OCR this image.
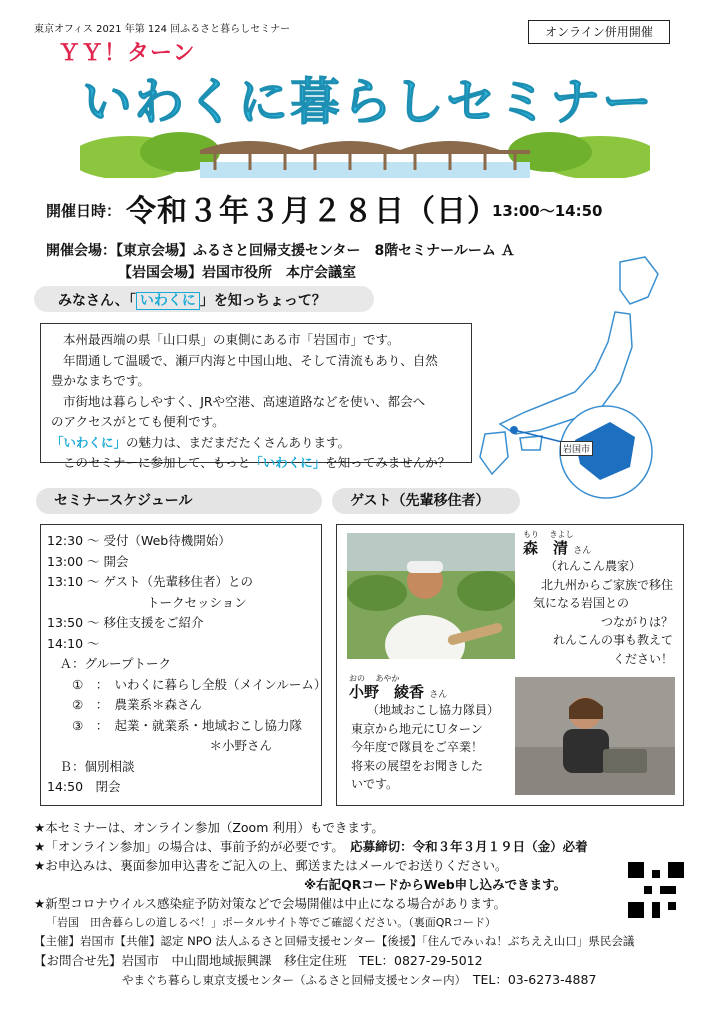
東京オフィス 2021 年第 124 回ふるさと暮らしセミナー	オンライン併用開催
ＹＹ！ターン
いわくに暮らしセミナー
開催日時： 令和３年３月２８日（日）
13:00～14:50
開催会場：【東京会場】ふるさと回帰支援センター　8階セミナールーム Ａ
【岩国会場】岩国市役所　本庁会議室
岩国市
みなさん、「 いわくに 」を知っちょって？
本州最西端の県「山口県」の東側にある市「岩国市」です。
年間通して温暖で、瀬戸内海と中国山地、そして清流もあり、自然
豊かなまちです。
市街地は暮らしやすく、JRや空港、高速道路などを使い、都会へ
のアクセスがとても便利です。
「いわくに」の魅力は、まだまだたくさんあります。
このセミナーに参加して、もっと「いわくに」を知ってみませんか？
セミナースケジュール	ゲスト（先輩移住者）
12:30 ～ 受付（Web待機開始）
13:00 ～ 開会
13:10 ～ ゲスト（先輩移住者）との
　　　　　　　　トークセッション
13:50 ～ 移住支援をご紹介
14:10 ～
　Ａ：グループトーク
　　①　：　いわくに暮らし全般（メインルーム）
　　②　：　農業系＊森さん
　　③　：　起業・就業系・地域おこし協力隊
　　　　　　　　　　　　　＊小野さん
　Ｂ：個別相談
14:50　閉会
もり　 きよし
森　清 さん
（れんこん農家）
北九州からご家族で移住
気になる岩国との
つながりは？
れんこんの事も教えて
ください！
おの　 あやか
小野　綾香 さん
（地域おこし協力隊員）
東京から地元にＵターン
今年度で隊員をご卒業！
将来の展望をお聞きした
いです。
★本セミナーは、オンライン参加（Zoom 利用）もできます。
★「オンライン参加」の場合は、事前予約が必要です。　 応募締切：令和３年３月１９日（金）必着
★お申込みは、裏面参加申込書をご記入の上、郵送またはメールでお送りください。
※右記QRコードからWeb申し込みできます。
★新型コロナウイルス感染症予防対策などで会場開催は中止になる場合があります。
「岩国　田舎暮らしの道しるべ！」ポータルサイト等でご確認ください。（裏面QRコード）
【主催】岩国市【共催】認定 NPO 法人ふるさと回帰支援センター【後援】「住んでみぃね！ぶちええ山口」県民会議
【お問合せ先】岩国市　中山間地域振興課　移住定住班　 TEL：0827-29-5012
やまぐち暮らし東京支援センター（ふるさと回帰支援センター内）　 TEL：03-6273-4887
